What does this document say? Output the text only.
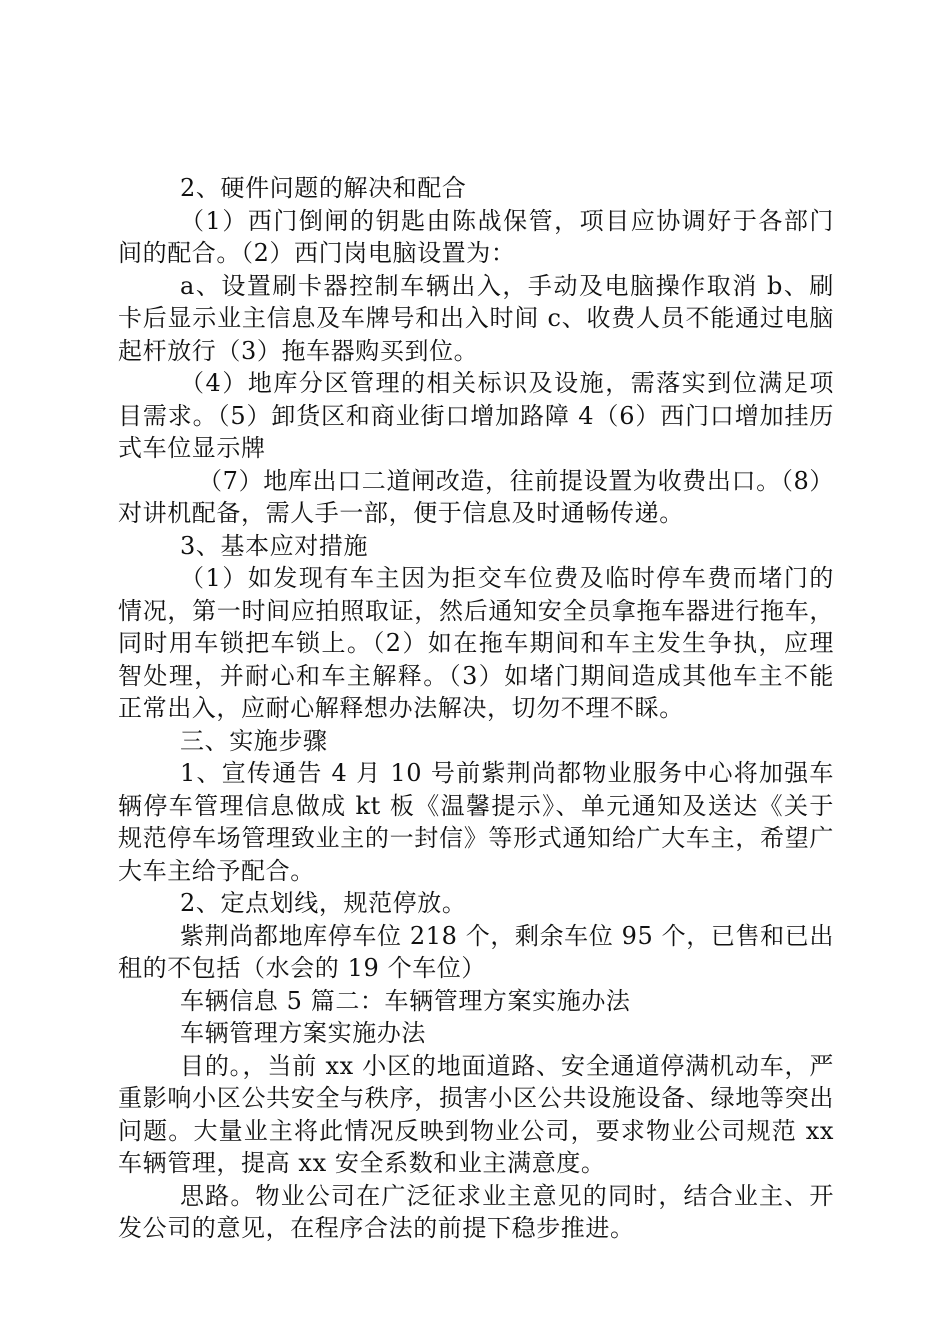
2、硬件问题的解决和配合

（1）西门倒闸的钥匙由陈战保管，项目应协调好于各部门间的配合。（2）西门岗电脑设置为：

a、设置刷卡器控制车辆出入，手动及电脑操作取消 b、刷卡后显示业主信息及车牌号和出入时间 c、收费人员不能通过电脑起杆放行（3）拖车器购买到位。

（4）地库分区管理的相关标识及设施，需落实到位满足项目需求。（5）卸货区和商业街口增加路障 4（6）西门口增加挂历式车位显示牌

（7）地库出口二道闸改造，往前提设置为收费出口。（8）对讲机配备，需人手一部，便于信息及时通畅传递。

3、基本应对措施

（1）如发现有车主因为拒交车位费及临时停车费而堵门的情况，第一时间应拍照取证，然后通知安全员拿拖车器进行拖车，同时用车锁把车锁上。（2）如在拖车期间和车主发生争执，应理智处理，并耐心和车主解释。（3）如堵门期间造成其他车主不能正常出入，应耐心解释想办法解决，切勿不理不睬。

三、实施步骤

1、宣传通告 4 月 10 号前紫荆尚都物业服务中心将加强车辆停车管理信息做成 kt 板《温馨提示》、单元通知及送达《关于规范停车场管理致业主的一封信》等形式通知给广大车主，希望广大车主给予配合。

2、定点划线，规范停放。

紫荆尚都地库停车位 218 个，剩余车位 95 个，已售和已出租的不包括（水会的 19 个车位）

车辆信息 5 篇二：车辆管理方案实施办法

车辆管理方案实施办法

目的。，当前 xx 小区的地面道路、安全通道停满机动车，严重影响小区公共安全与秩序，损害小区公共设施设备、绿地等突出问题。大量业主将此情况反映到物业公司，要求物业公司规范 xx 车辆管理，提高 xx 安全系数和业主满意度。

思路。物业公司在广泛征求业主意见的同时，结合业主、开发公司的意见，在程序合法的前提下稳步推进。
